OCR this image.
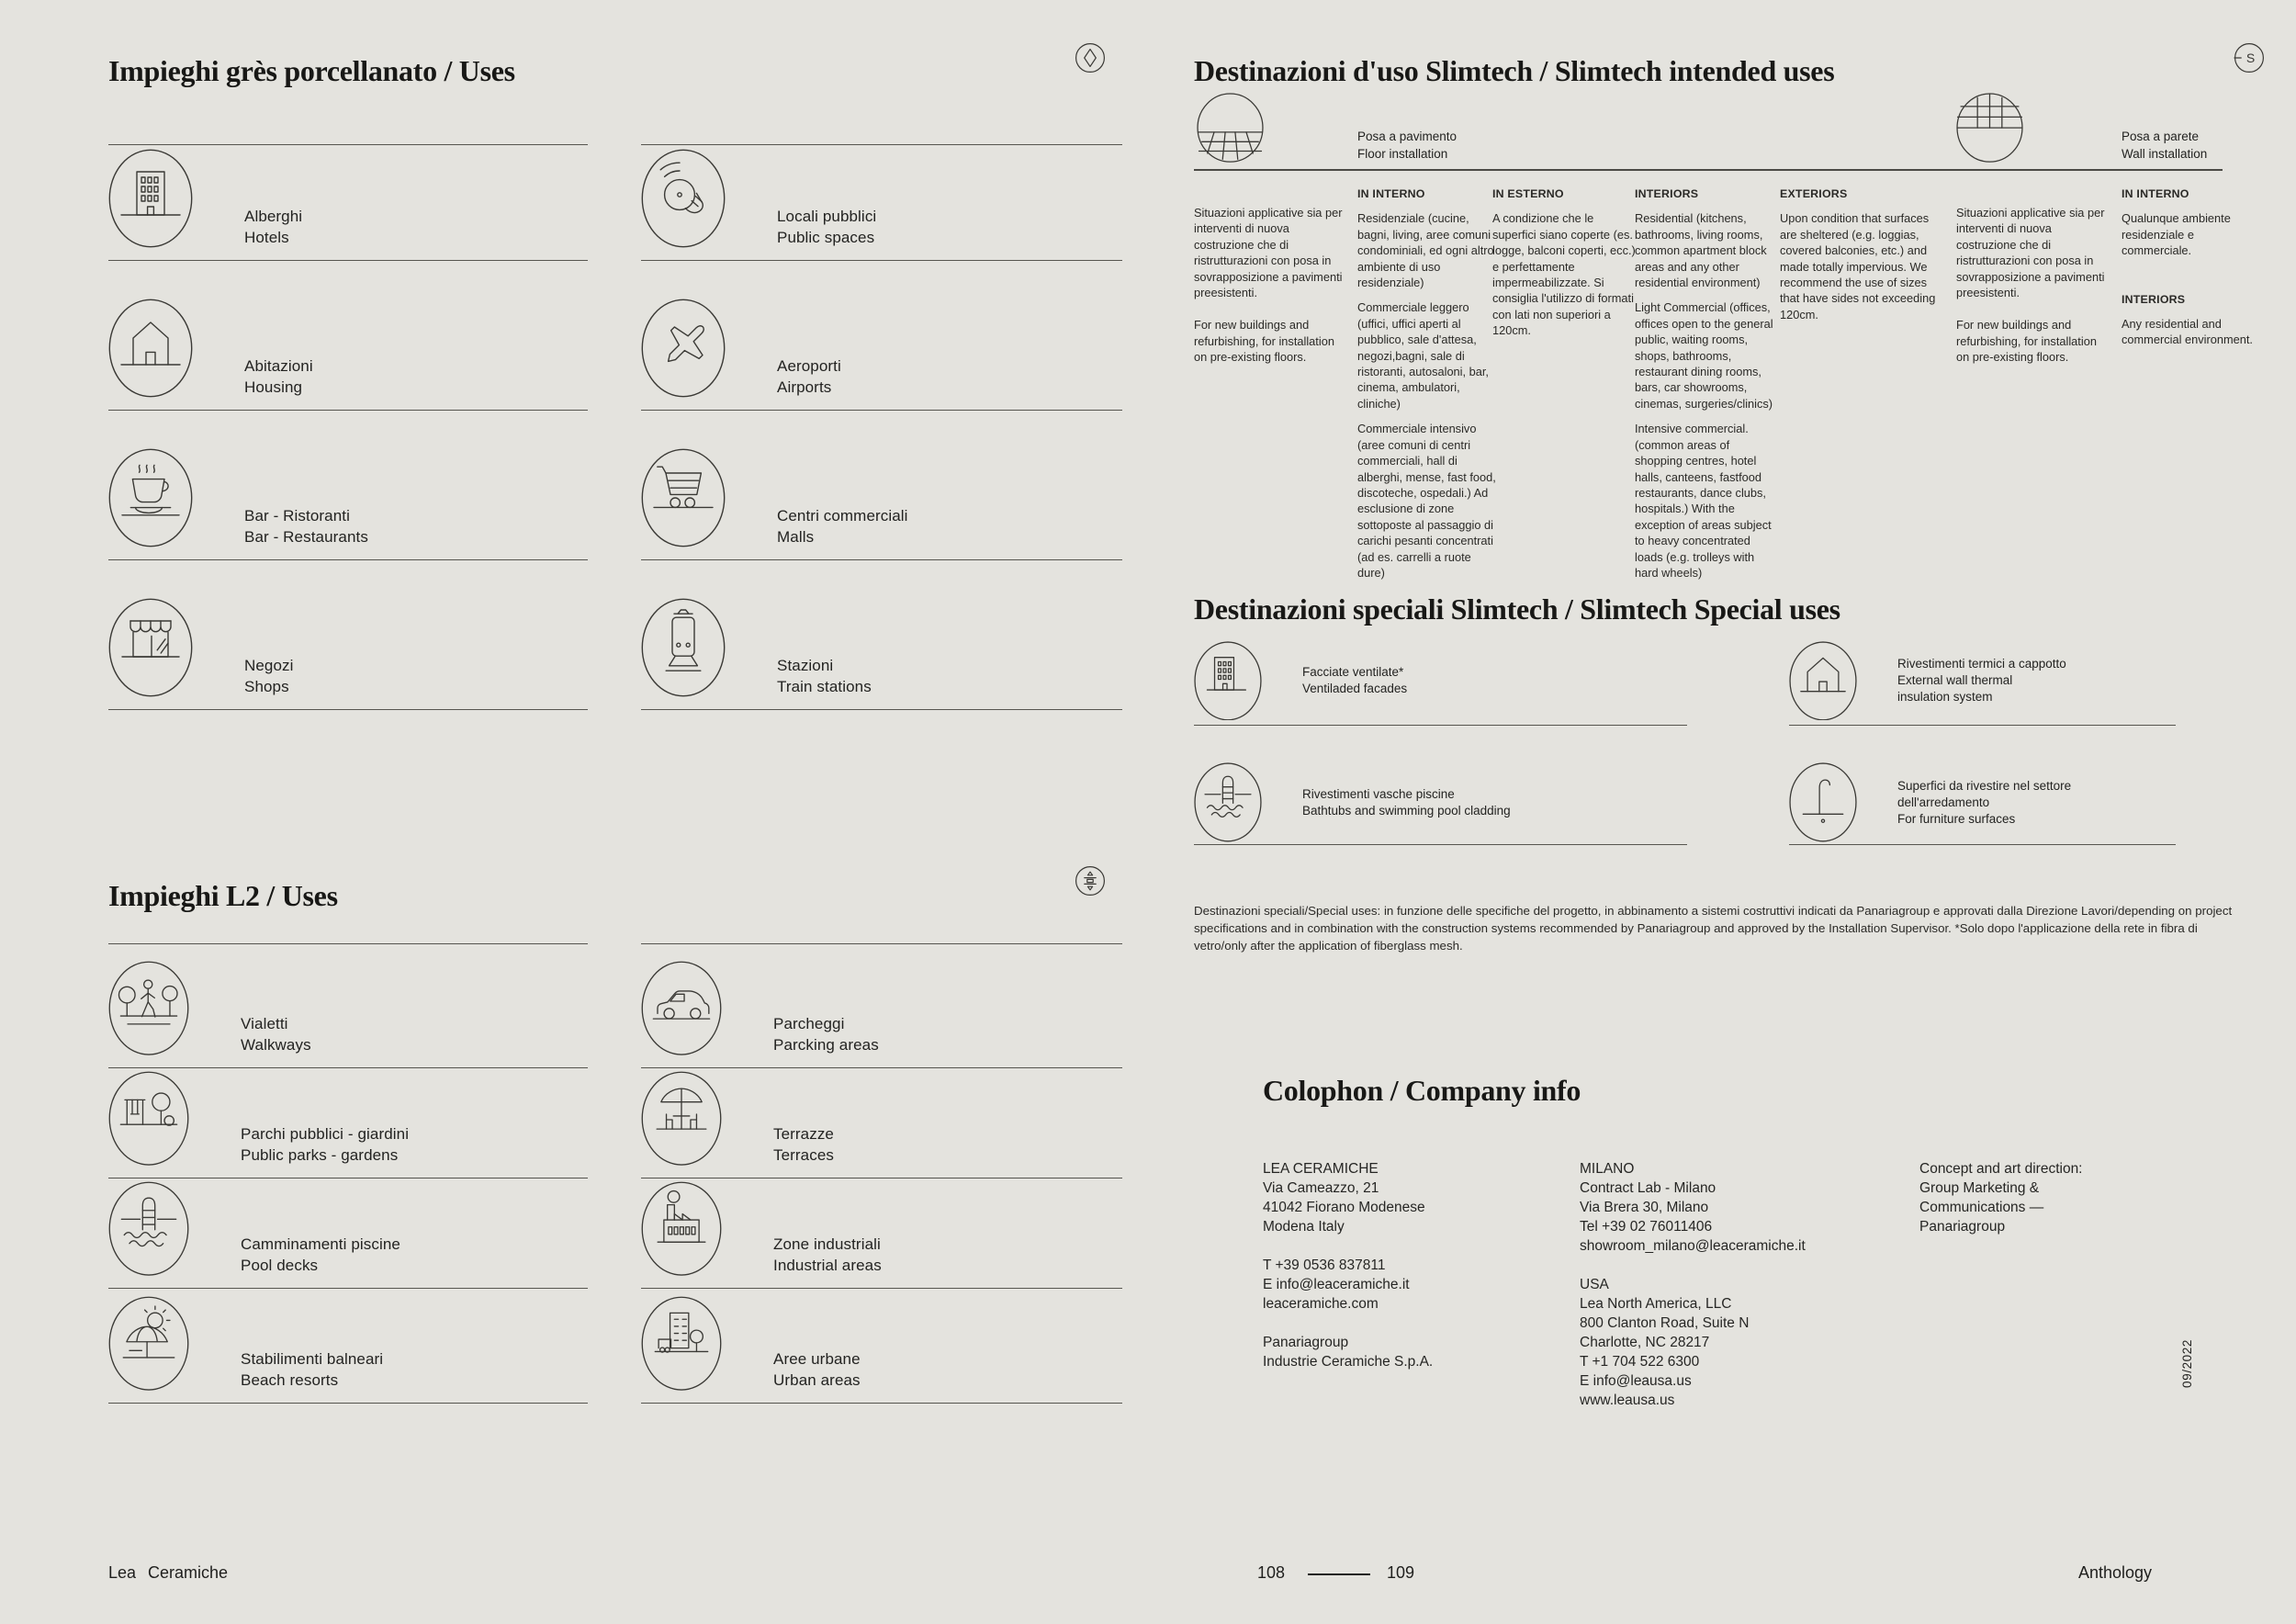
Impieghi grès porcellanato / Uses
Alberghi
Hotels
Locali pubblici
Public spaces
Abitazioni
Housing
Aeroporti
Airports
Bar - Ristoranti
Bar - Restaurants
Centri commerciali
Malls
Negozi
Shops
Stazioni
Train stations
Impieghi L2 / Uses
Vialetti
Walkways
Parcheggi
Parcking areas
Parchi pubblici - giardini
Public parks - gardens
Terrazze
Terraces
Camminamenti piscine
Pool decks
Zone industriali
Industrial areas
Stabilimenti balneari
Beach resorts
Aree urbane
Urban areas
Destinazioni d'uso Slimtech / Slimtech intended uses	S
Posa a pavimento
Floor installation
Posa a parete
Wall installation

Situazioni applicative sia per interventi di nuova costruzione che di ristrutturazioni con posa in sovrapposizione a pavimenti preesistenti.

For new buildings and refurbishing, for installation on pre-existing floors.

IN INTERNO

Residenziale (cucine, bagni, living, aree comuni condominiali, ed ogni altro ambiente di uso residenziale)

Commerciale leggero (uffici, uffici aperti al pubblico, sale d'attesa, negozi,bagni, sale di ristoranti, autosaloni, bar, cinema, ambulatori, cliniche)

Commerciale intensivo (aree comuni di centri commerciali, hall di alberghi, mense, fast food, discoteche, ospedali.) Ad esclusione di zone sottoposte al passaggio di carichi pesanti concentrati (ad es. carrelli a ruote dure)

IN ESTERNO

A condizione che le superfici siano coperte (es. logge, balconi coperti, ecc.) e perfettamente impermeabilizzate. Si consiglia l'utilizzo di formati con lati non superiori a 120cm.

INTERIORS

Residential (kitchens, bathrooms, living rooms, common apartment block areas and any other residential environment)

Light Commercial (offices, offices open to the general public, waiting rooms, shops, bathrooms, restaurant dining rooms, bars, car showrooms, cinemas, surgeries/clinics)

Intensive commercial. (common areas of shopping centres, hotel halls, canteens, fastfood restaurants, dance clubs, hospitals.) With the exception of areas subject to heavy concentrated loads (e.g. trolleys with hard wheels)

EXTERIORS

Upon condition that surfaces are sheltered (e.g. loggias, covered balconies, etc.) and made totally impervious. We recommend the use of sizes that have sides not exceeding 120cm.

Situazioni applicative sia per interventi di nuova costruzione che di ristrutturazioni con posa in sovrapposizione a pavimenti preesistenti.

For new buildings and refurbishing, for installation on pre-existing floors.

IN INTERNO

Qualunque ambiente residenziale e commerciale.

INTERIORS

Any residential and commercial environment.

Destinazioni speciali Slimtech / Slimtech Special uses
Facciate ventilate*
Ventiladed facades
Rivestimenti termici a cappotto
External wall thermal
insulation system
Rivestimenti vasche piscine
Bathtubs and swimming pool cladding
Superfici da rivestire nel settore
dell'arredamento
For furniture surfaces

Destinazioni speciali/Special uses: in funzione delle specifiche del progetto, in abbinamento a sistemi costruttivi indicati da Panariagroup e approvati dalla Direzione Lavori/depending on project specifications and in combination with the construction systems recommended by Panariagroup and approved by the Installation Supervisor. *Solo dopo l'applicazione della rete in fibra di vetro/only after the application of fiberglass mesh.

Colophon / Company info
LEA CERAMICHE
Via Cameazzo, 21
41042 Fiorano Modenese
Modena Italy

T +39 0536 837811
E info@leaceramiche.it
leaceramiche.com

Panariagroup
Industrie Ceramiche S.p.A.
MILANO
Contract Lab - Milano
Via Brera 30, Milano
Tel +39 02 76011406
showroom_milano@leaceramiche.it

USA
Lea North America, LLC
800 Clanton Road, Suite N
Charlotte, NC 28217
T +1 704 522 6300
E info@leausa.us
www.leausa.us
Concept and art direction:
Group Marketing &
Communications —
Panariagroup
09/2022
Lea Ceramiche	108	109	Anthology
